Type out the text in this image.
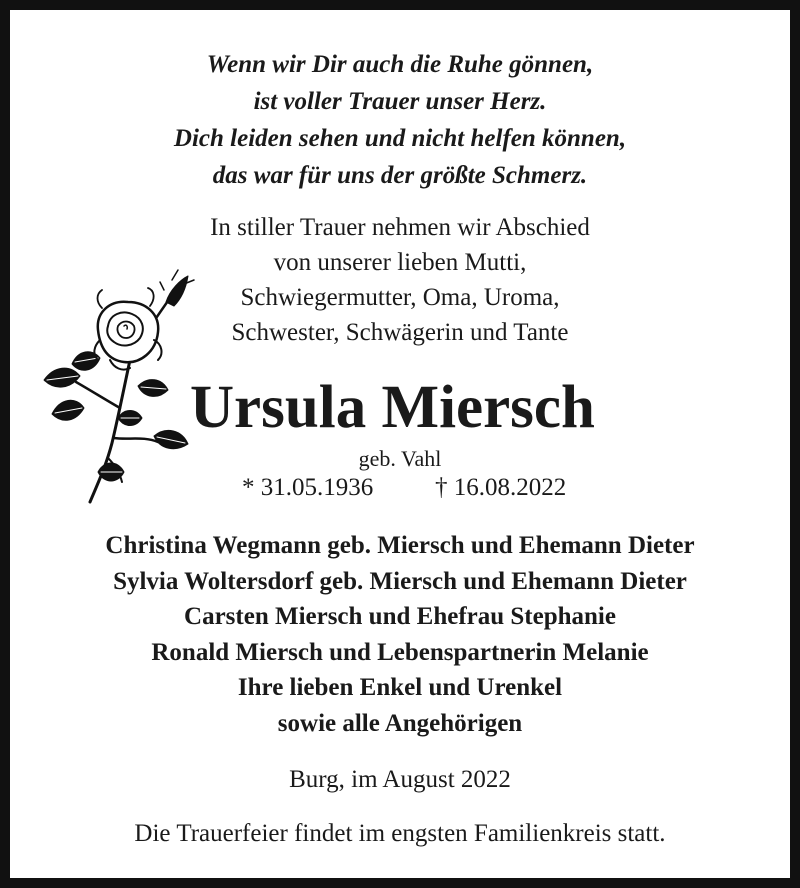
Wenn wir Dir auch die Ruhe gönnen,
ist voller Trauer unser Herz.
Dich leiden sehen und nicht helfen können,
das war für uns der größte Schmerz.
In stiller Trauer nehmen wir Abschied
von unserer lieben Mutti,
Schwiegermutter, Oma, Uroma,
Schwester, Schwägerin und Tante
Ursula Miersch
geb. Vahl
* 31.05.1936 † 16.08.2022
Christina Wegmann geb. Miersch und Ehemann Dieter
Sylvia Woltersdorf geb. Miersch und Ehemann Dieter
Carsten Miersch und Ehefrau Stephanie
Ronald Miersch und Lebenspartnerin Melanie
Ihre lieben Enkel und Urenkel
sowie alle Angehörigen
Burg, im August 2022
Die Trauerfeier findet im engsten Familienkreis statt.
